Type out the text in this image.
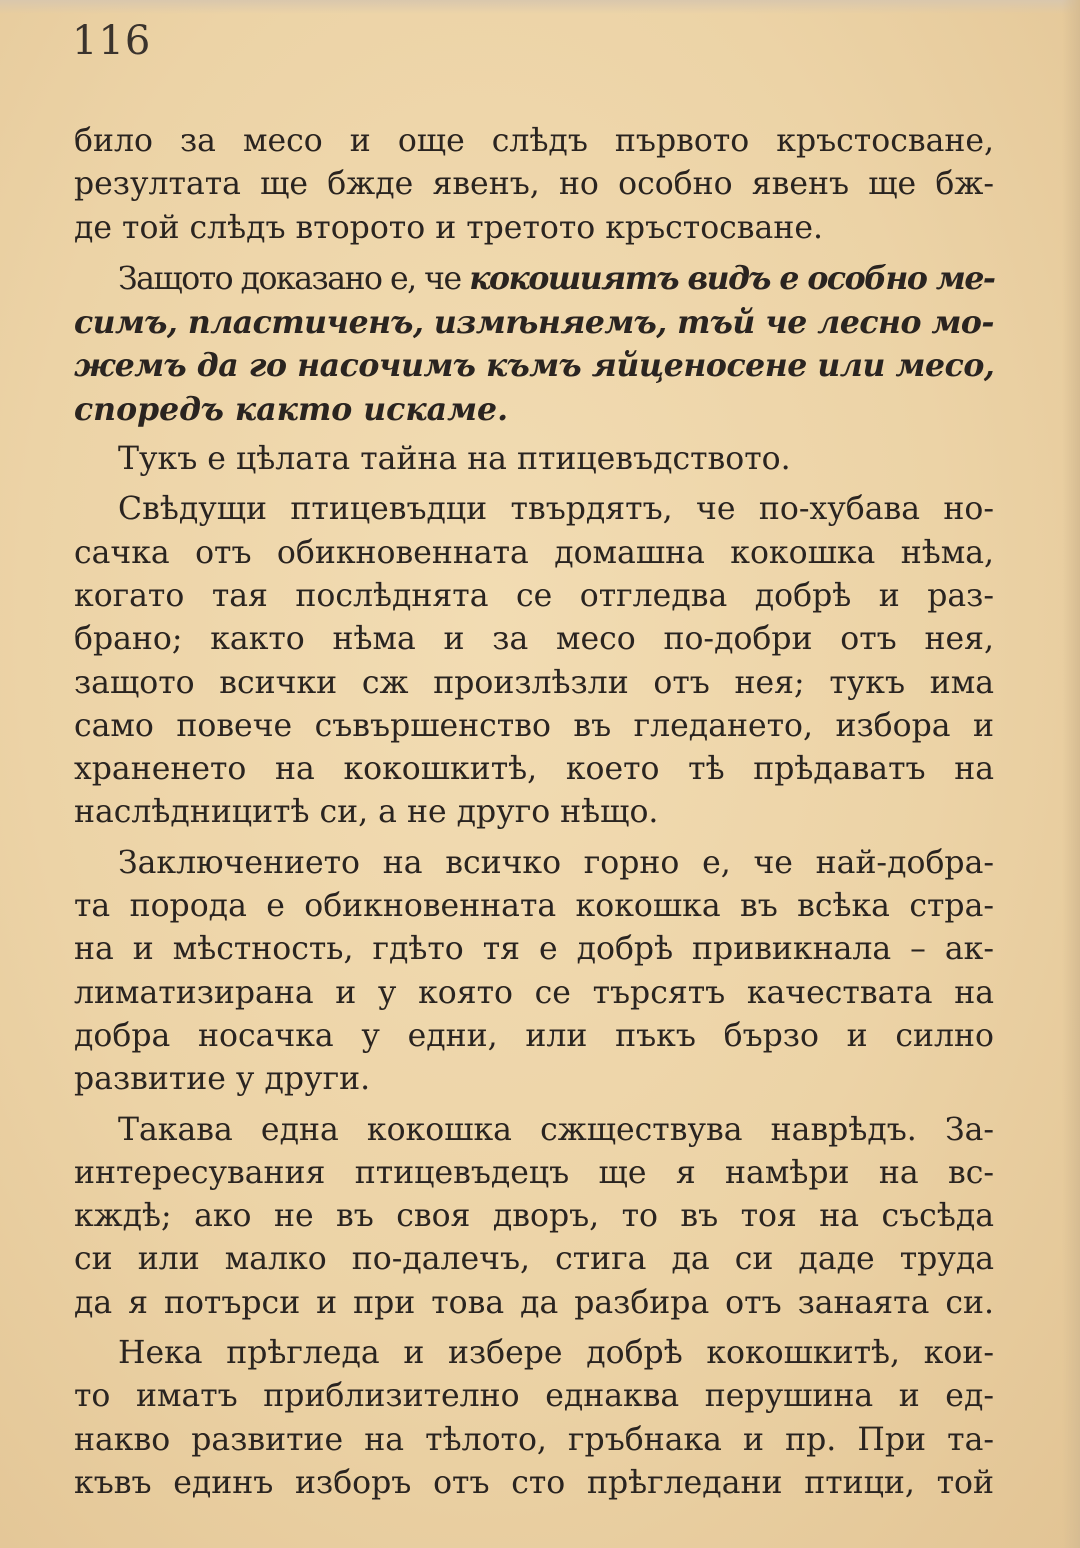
116

било за месо и още слѣдъ първото кръстосване,
резултата ще бжде явенъ, но особно явенъ ще бж-
де той слѣдъ второто и третото кръстосване.

Защото доказано е, че кокошиятъ видъ е особно ме-
симъ, пластиченъ, измѣняемъ, тъй че лесно мо-
жемъ да го насочимъ къмъ яйценосене или месо,
споредъ както искаме.

Тукъ е цѣлата тайна на птицевъдството.

Свѣдущи птицевъдци твърдятъ, че по-хубава но-
сачка отъ обикновенната домашна кокошка нѣма,
когато тая послѣднята се отгледва добрѣ и раз-
брано; както нѣма и за месо по-добри отъ нея,
защото всички сж произлѣзли отъ нея; тукъ има
само повече съвършенство въ гледането, избора и
храненето на кокошкитѣ, което тѣ прѣдаватъ на
наслѣдницитѣ си, а не друго нѣщо.

Заключението на всичко горно е, че най-добра-
та порода е обикновенната кокошка въ всѣка стра-
на и мѣстность, гдѣто тя е добрѣ привикнала – ак-
лиматизирана и у която се търсятъ качествата на
добра носачка у едни, или пъкъ бързо и силно
развитие у други.

Такава една кокошка сжществува наврѣдъ. За-
интересувания птицевъдецъ ще я намѣри на вс-
кждѣ; ако не въ своя дворъ, то въ тоя на съсѣда
си или малко по-далечъ, стига да си даде труда
да я потърси и при това да разбира отъ занаята си.

Нека прѣгледа и избере добрѣ кокошкитѣ, кои-
то иматъ приблизително еднаква перушина и ед-
накво развитие на тѣлото, гръбнака и пр. При та-
къвъ единъ изборъ отъ сто прѣгледани птици, той
